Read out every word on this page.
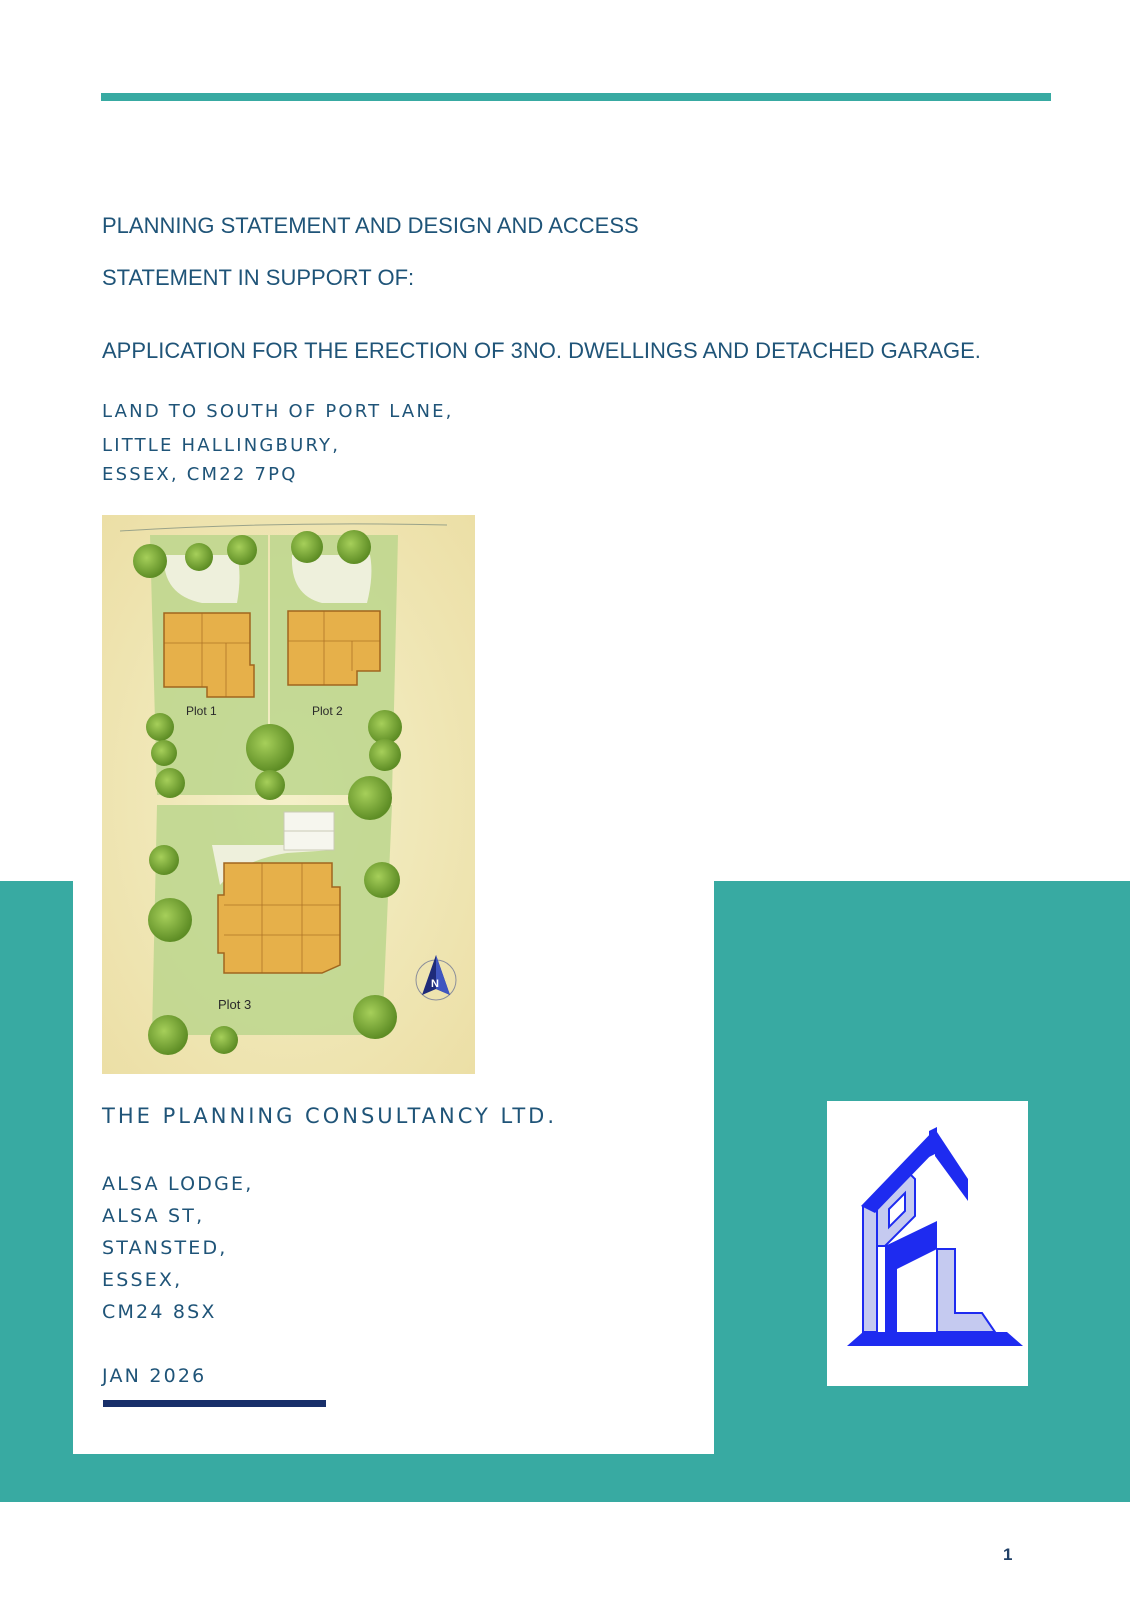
PLANNING STATEMENT AND DESIGN AND ACCESS
STATEMENT IN SUPPORT OF:
APPLICATION FOR THE ERECTION OF 3NO. DWELLINGS AND DETACHED GARAGE.
LAND TO SOUTH OF PORT LANE,
LITTLE HALLINGBURY,
ESSEX, CM22 7PQ
Plot 1	Plot 2
Plot 3
N
THE PLANNING CONSULTANCY LTD.
ALSA LODGE,
ALSA ST,
STANSTED,
ESSEX,
CM24 8SX
JAN 2026
1
